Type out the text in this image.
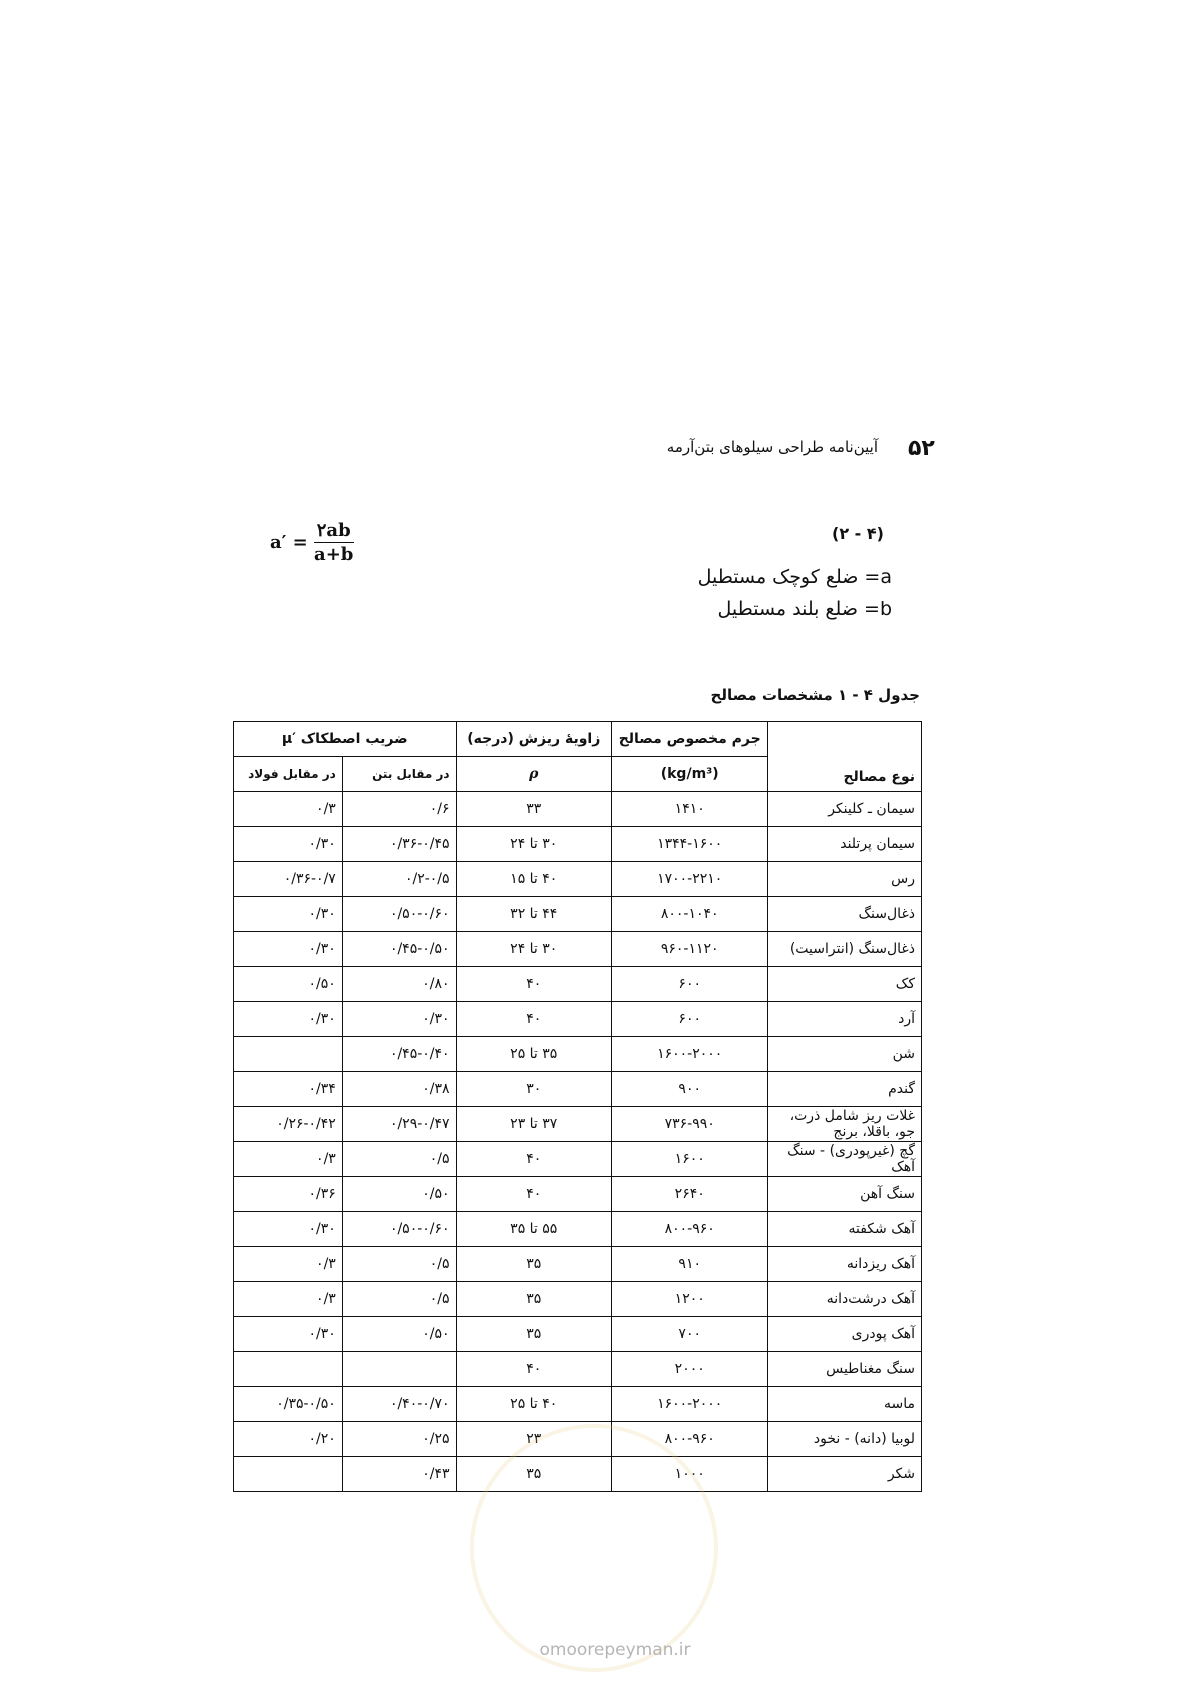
۵۲
آیین‌نامه طراحی سیلوهای بتن‌آرمه
$a' = \frac{۲ab}{a+b}$	(۲ - ۴)
a= ضلع کوچک مستطیل
b= ضلع بلند مستطیل
جدول ۴ - ۱ مشخصات مصالح
نوع مصالح	جرم مخصوص مصالح	زاویهٔ ریزش (درجه)	ضریب اصطکاک ′μ	
	(kg/m³)	ρ	در مقابل بتن	در مقابل فولاد
سیمان ـ کلینکر	۱۴۱۰	۳۳	۰/۶	۰/۳
سیمان پرتلند	۱۳۴۴-۱۶۰۰	۳۰ تا ۲۴	۰/۳۶-۰/۴۵	۰/۳۰
رس	۱۷۰۰-۲۲۱۰	۴۰ تا ۱۵	۰/۲-۰/۵	۰/۳۶-۰/۷
ذغال‌سنگ	۸۰۰-۱۰۴۰	۴۴ تا ۳۲	۰/۵۰-۰/۶۰	۰/۳۰
ذغال‌سنگ (انتراسیت)	۹۶۰-۱۱۲۰	۳۰ تا ۲۴	۰/۴۵-۰/۵۰	۰/۳۰
کک	۶۰۰	۴۰	۰/۸۰	۰/۵۰
آرد	۶۰۰	۴۰	۰/۳۰	۰/۳۰
شن	۱۶۰۰-۲۰۰۰	۳۵ تا ۲۵	۰/۴۵-۰/۴۰	
گندم	۹۰۰	۳۰	۰/۳۸	۰/۳۴
غلات ریز شامل ذرت، جو، باقلا، برنج	۷۳۶-۹۹۰	۳۷ تا ۲۳	۰/۲۹-۰/۴۷	۰/۲۶-۰/۴۲
گچ (غیرپودری) - سنگ آهک	۱۶۰۰	۴۰	۰/۵	۰/۳
سنگ آهن	۲۶۴۰	۴۰	۰/۵۰	۰/۳۶
آهک شکفته	۸۰۰-۹۶۰	۵۵ تا ۳۵	۰/۵۰-۰/۶۰	۰/۳۰
آهک ریزدانه	۹۱۰	۳۵	۰/۵	۰/۳
آهک درشت‌دانه	۱۲۰۰	۳۵	۰/۵	۰/۳
آهک پودری	۷۰۰	۳۵	۰/۵۰	۰/۳۰
سنگ مغناطیس	۲۰۰۰	۴۰		
ماسه	۱۶۰۰-۲۰۰۰	۴۰ تا ۲۵	۰/۴۰-۰/۷۰	۰/۳۵-۰/۵۰
لوبیا (دانه) - نخود	۸۰۰-۹۶۰	۲۳	۰/۲۵	۰/۲۰
شکر	۱۰۰۰	۳۵	۰/۴۳	
omoorepeyman.ir
